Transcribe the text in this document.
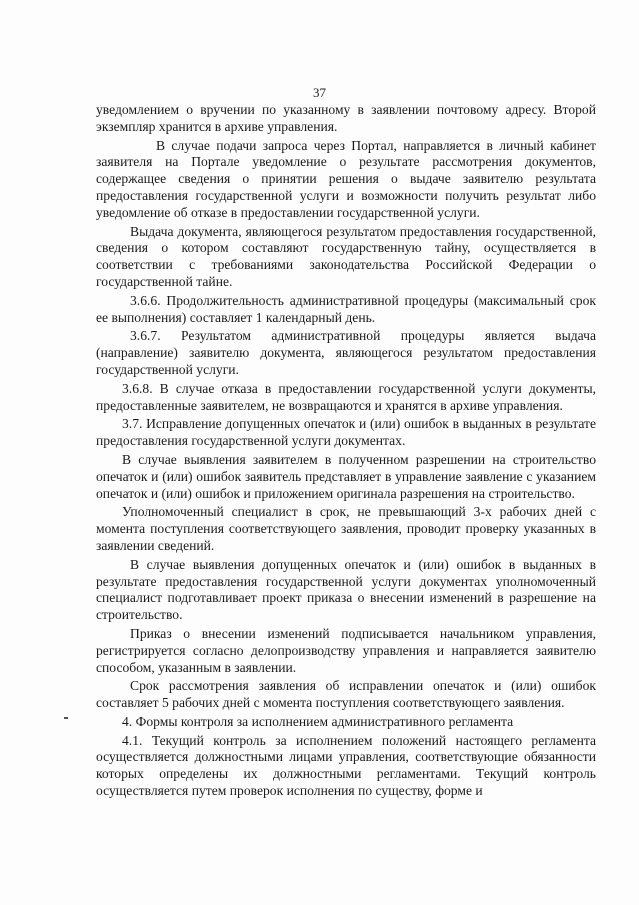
37

уведомлением о вручении по указанному в заявлении почтовому адресу. Второй экземпляр хранится в архиве управления.

В случае подачи запроса через Портал, направляется в личный кабинет заявителя на Портале уведомление о результате рассмотрения документов, содержащее сведения о принятии решения о выдаче заявителю результата предоставления государственной услуги и возможности получить результат либо уведомление об отказе в предоставлении государственной услуги.

Выдача документа, являющегося результатом предоставления государственной, сведения о котором составляют государственную тайну, осуществляется в соответствии с требованиями законодательства Российской Федерации о государственной тайне.

3.6.6. Продолжительность административной процедуры (максимальный срок ее выполнения) составляет 1 календарный день.

3.6.7. Результатом административной процедуры является выдача (направление) заявителю документа, являющегося результатом предоставления государственной услуги.

3.6.8. В случае отказа в предоставлении государственной услуги документы, предоставленные заявителем, не возвращаются и хранятся в архиве управления.

3.7. Исправление допущенных опечаток и (или) ошибок в выданных в результате предоставления государственной услуги документах.

В случае выявления заявителем в полученном разрешении на строительство опечаток и (или) ошибок заявитель представляет в управление заявление с указанием опечаток и (или) ошибок и приложением оригинала разрешения на строительство.

Уполномоченный специалист в срок, не превышающий 3-х рабочих дней с момента поступления соответствующего заявления, проводит проверку указанных в заявлении сведений.

В случае выявления допущенных опечаток и (или) ошибок в выданных в результате предоставления государственной услуги документах уполномоченный специалист подготавливает проект приказа о внесении изменений в разрешение на строительство.

Приказ о внесении изменений подписывается начальником управления, регистрируется согласно делопроизводству управления и направляется заявителю способом, указанным в заявлении.

Срок рассмотрения заявления об исправлении опечаток и (или) ошибок составляет 5 рабочих дней с момента поступления соответствующего заявления.

4. Формы контроля за исполнением административного регламента

4.1. Текущий контроль за исполнением положений настоящего регламента осуществляется должностными лицами управления, соответствующие обязанности которых определены их должностными регламентами. Текущий контроль осуществляется путем проверок исполнения по существу, форме и
